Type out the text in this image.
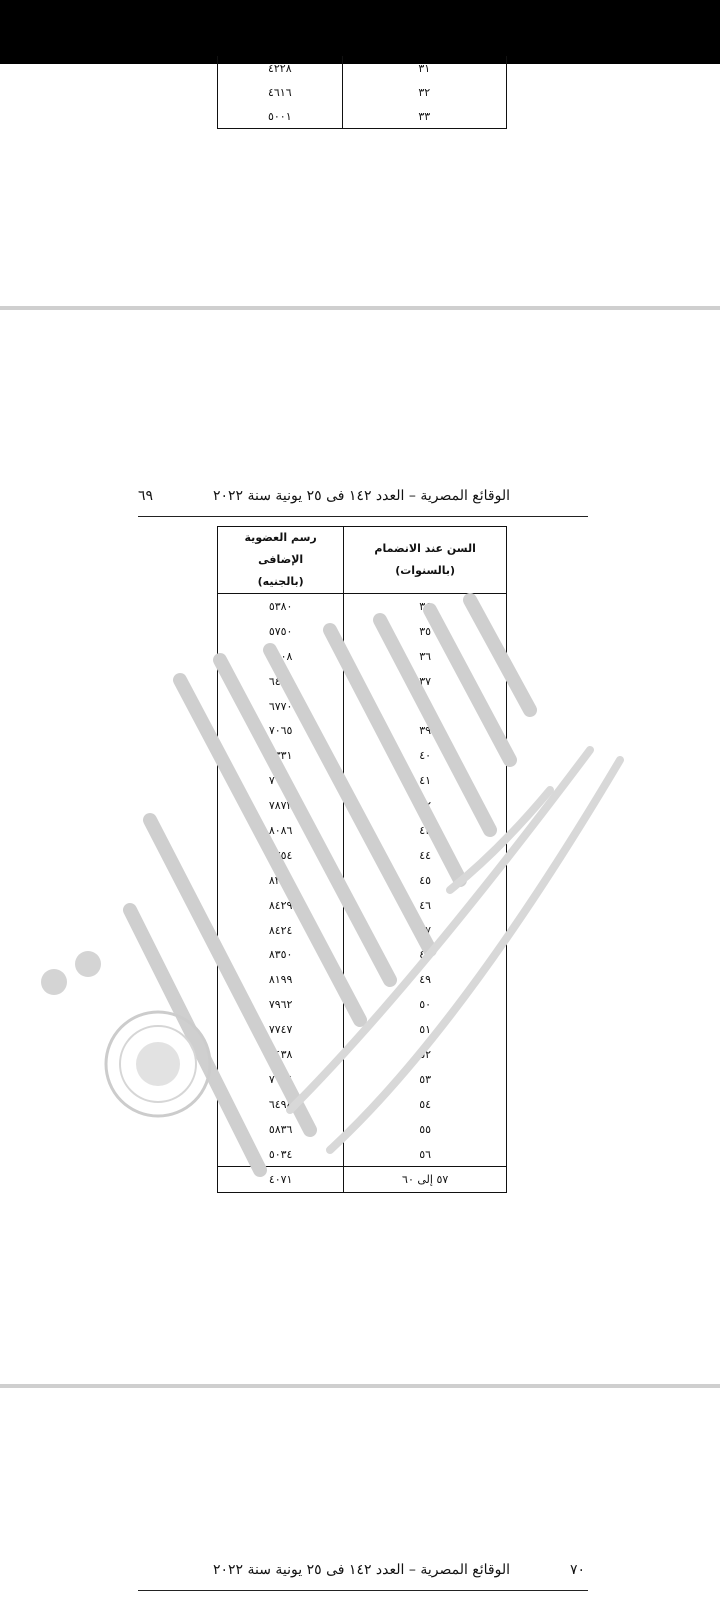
٣١	٤٢٢٨
٣٢	٤٦١٦
٣٣	٥٠٠١
الوقائع المصرية – العدد ١٤٢ فى ٢٥ يونية سنة ٢٠٢٢
٦٩
السن عند الانضمام (بالسنوات)	رسم العضوية الإضافى
(بالجنيه)

٣٤	٥٣٨٠
٣٥	٥٧٥٠
٣٦	٦١٠٨
٣٧	٦٤٤٩
٣٨	٦٧٧٠
٣٩	٧٠٦٥
٤٠	٧٣٣١
٤١	٧٦٢٠
٤٢	٧٨٧٣
٤٣	٨٠٨٦
٤٤	٨٢٥٤
٤٥	٨٣٧٠
٤٦	٨٤٢٩
٤٧	٨٤٢٤
٤٨	٨٣٥٠
٤٩	٨١٩٩
٥٠	٧٩٦٢
٥١	٧٧٤٧
٥٢	٧٤٣٨
٥٣	٧٠٢٤
٥٤	٦٤٩٤
٥٥	٥٨٣٦
٥٦	٥٠٣٤
٥٧ إلى ٦٠	٤٠٧١
الوقائع المصرية – العدد ١٤٢ فى ٢٥ يونية سنة ٢٠٢٢	٧٠
